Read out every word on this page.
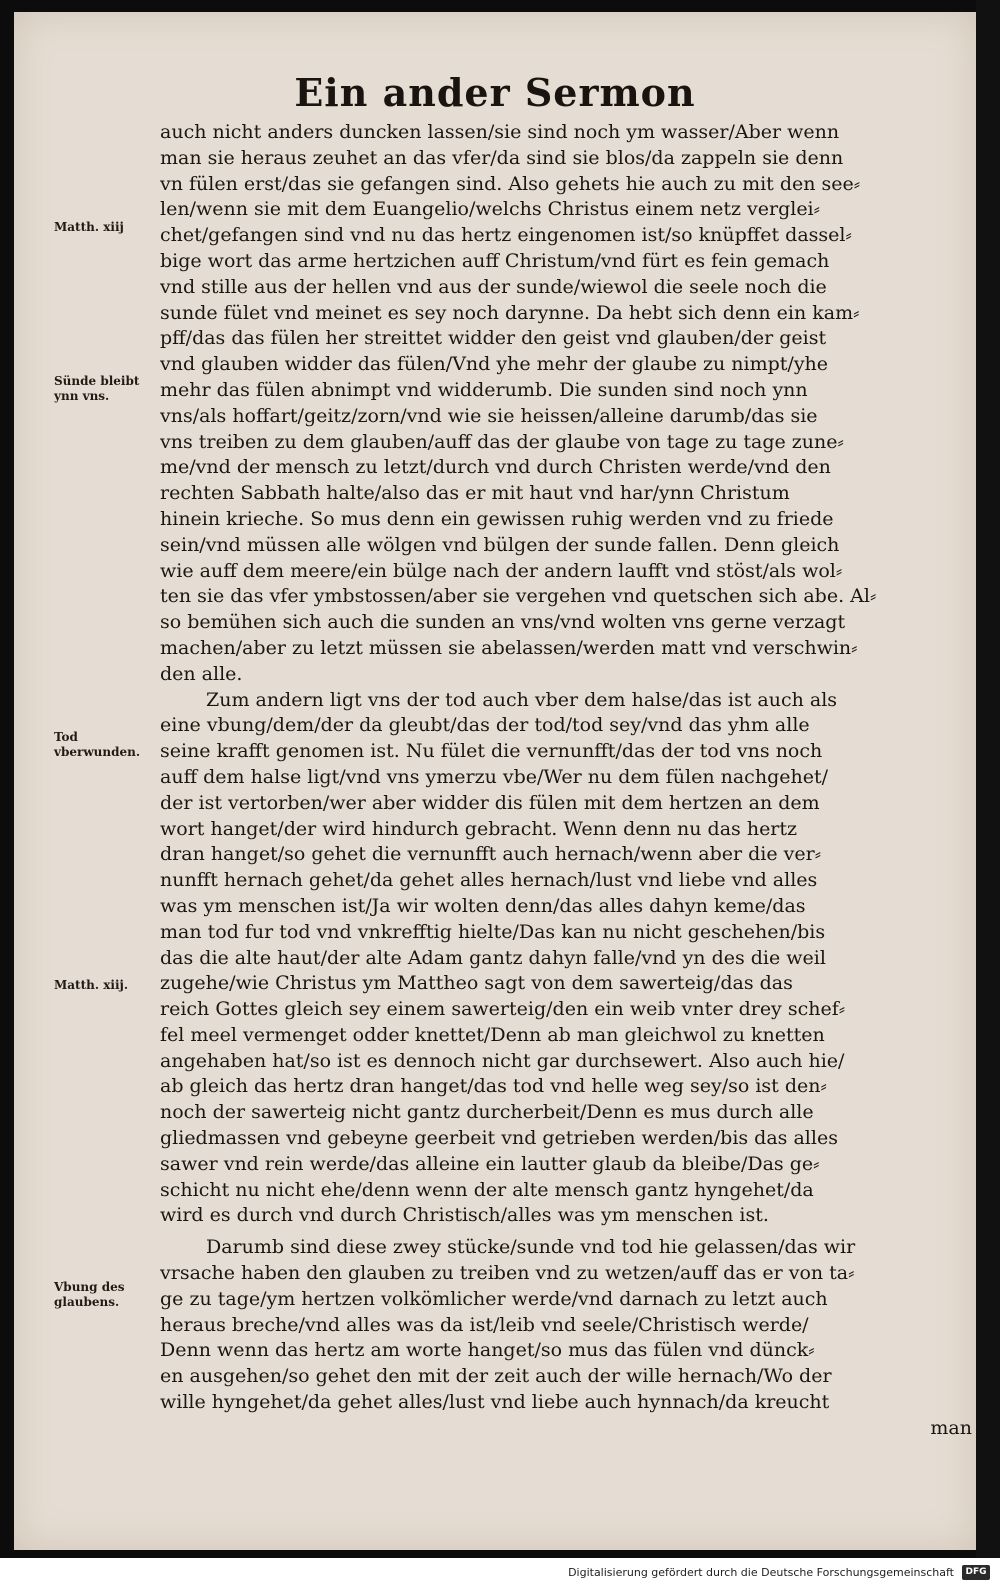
Ein ander Sermon
Matth. xiij
Sünde bleibt ynn vns.
Tod vberwunden.
Matth. xiij.
Vbung des glaubens.
auch nicht anders duncken lassen/sie sind noch ym wasser/Aber wenn
man sie heraus zeuhet an das vfer/da sind sie blos/da zappeln sie denn
vn fülen erst/das sie gefangen sind. Also gehets hie auch zu mit den see⸗
len/wenn sie mit dem Euangelio/welchs Christus einem netz verglei⸗
chet/gefangen sind vnd nu das hertz eingenomen ist/so knüpffet dassel⸗
bige wort das arme hertzichen auff Christum/vnd fürt es fein gemach
vnd stille aus der hellen vnd aus der sunde/wiewol die seele noch die
sunde fület vnd meinet es sey noch darynne. Da hebt sich denn ein kam⸗
pff/das das fülen her streittet widder den geist vnd glauben/der geist
vnd glauben widder das fülen/Vnd yhe mehr der glaube zu nimpt/yhe
mehr das fülen abnimpt vnd widderumb. Die sunden sind noch ynn
vns/als hoffart/geitz/zorn/vnd wie sie heissen/alleine darumb/das sie
vns treiben zu dem glauben/auff das der glaube von tage zu tage zune⸗
me/vnd der mensch zu letzt/durch vnd durch Christen werde/vnd den
rechten Sabbath halte/also das er mit haut vnd har/ynn Christum
hinein krieche. So mus denn ein gewissen ruhig werden vnd zu friede
sein/vnd müssen alle wölgen vnd bülgen der sunde fallen. Denn gleich
wie auff dem meere/ein bülge nach der andern laufft vnd stöst/als wol⸗
ten sie das vfer ymbstossen/aber sie vergehen vnd quetschen sich abe. Al⸗
so bemühen sich auch die sunden an vns/vnd wolten vns gerne verzagt
machen/aber zu letzt müssen sie abelassen/werden matt vnd verschwin⸗
den alle.
Zum andern ligt vns der tod auch vber dem halse/das ist auch als
eine vbung/dem/der da gleubt/das der tod/tod sey/vnd das yhm alle
seine krafft genomen ist. Nu fület die vernunfft/das der tod vns noch
auff dem halse ligt/vnd vns ymerzu vbe/Wer nu dem fülen nachgehet/
der ist vertorben/wer aber widder dis fülen mit dem hertzen an dem
wort hanget/der wird hindurch gebracht. Wenn denn nu das hertz
dran hanget/so gehet die vernunfft auch hernach/wenn aber die ver⸗
nunfft hernach gehet/da gehet alles hernach/lust vnd liebe vnd alles
was ym menschen ist/Ja wir wolten denn/das alles dahyn keme/das
man tod fur tod vnd vnkrefftig hielte/Das kan nu nicht geschehen/bis
das die alte haut/der alte Adam gantz dahyn falle/vnd yn des die weil
zugehe/wie Christus ym Mattheo sagt von dem sawerteig/das das
reich Gottes gleich sey einem sawerteig/den ein weib vnter drey schef⸗
fel meel vermenget odder knettet/Denn ab man gleichwol zu knetten
angehaben hat/so ist es dennoch nicht gar durchsewert. Also auch hie/
ab gleich das hertz dran hanget/das tod vnd helle weg sey/so ist den⸗
noch der sawerteig nicht gantz durcherbeit/Denn es mus durch alle
gliedmassen vnd gebeyne geerbeit vnd getrieben werden/bis das alles
sawer vnd rein werde/das alleine ein lautter glaub da bleibe/Das ge⸗
schicht nu nicht ehe/denn wenn der alte mensch gantz hyngehet/da
wird es durch vnd durch Christisch/alles was ym menschen ist.
Darumb sind diese zwey stücke/sunde vnd tod hie gelassen/das wir
vrsache haben den glauben zu treiben vnd zu wetzen/auff das er von ta⸗
ge zu tage/ym hertzen volkömlicher werde/vnd darnach zu letzt auch
heraus breche/vnd alles was da ist/leib vnd seele/Christisch werde/
Denn wenn das hertz am worte hanget/so mus das fülen vnd dünck⸗
en ausgehen/so gehet den mit der zeit auch der wille hernach/Wo der
wille hyngehet/da gehet alles/lust vnd liebe auch hynnach/da kreucht
man
Digitalisierung gefördert durch die Deutsche Forschungsgemeinschaft	DFG
